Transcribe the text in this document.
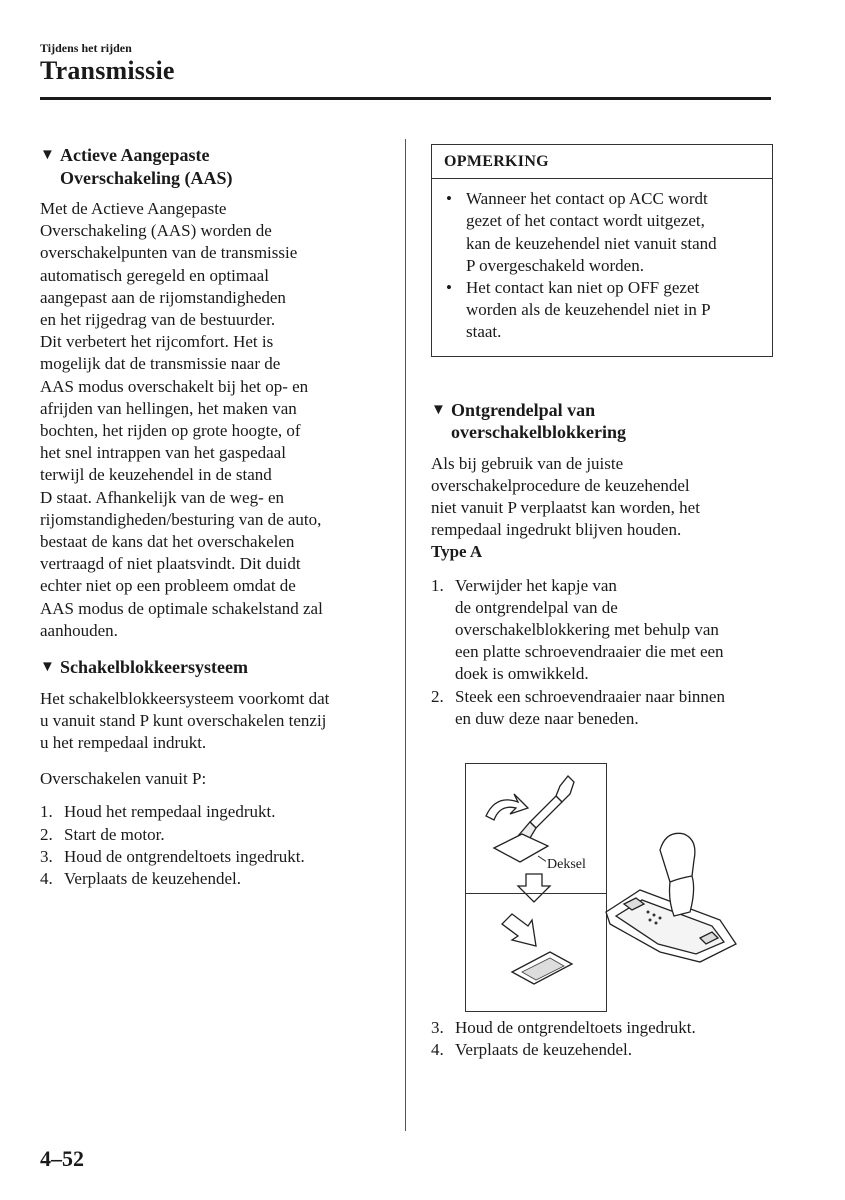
Tijdens het rijden
Transmissie
▼ Actieve Aangepaste
Overschakeling (AAS)
Met de Actieve Aangepaste
Overschakeling (AAS) worden de
overschakelpunten van de transmissie
automatisch geregeld en optimaal
aangepast aan de rijomstandigheden
en het rijgedrag van de bestuurder.
Dit verbetert het rijcomfort. Het is
mogelijk dat de transmissie naar de
AAS modus overschakelt bij het op- en
afrijden van hellingen, het maken van
bochten, het rijden op grote hoogte, of
het snel intrappen van het gaspedaal
terwijl de keuzehendel in de stand
D staat. Afhankelijk van de weg- en
rijomstandigheden/besturing van de auto,
bestaat de kans dat het overschakelen
vertraagd of niet plaatsvindt. Dit duidt
echter niet op een probleem omdat de
AAS modus de optimale schakelstand zal
aanhouden.
▼ Schakelblokkeersysteem
Het schakelblokkeersysteem voorkomt dat
u vanuit stand P kunt overschakelen tenzij
u het rempedaal indrukt.

Overschakelen vanuit P:

1. Houd het rempedaal ingedrukt.
2. Start de motor.
3. Houd de ontgrendeltoets ingedrukt.
4. Verplaats de keuzehendel.
OPMERKING
• Wanneer het contact op ACC wordt
gezet of het contact wordt uitgezet,
kan de keuzehendel niet vanuit stand
P overgeschakeld worden.
• Het contact kan niet op OFF gezet
worden als de keuzehendel niet in P
staat.
▼ Ontgrendelpal van
overschakelblokkering
Als bij gebruik van de juiste
overschakelprocedure de keuzehendel
niet vanuit P verplaatst kan worden, het
rempedaal ingedrukt blijven houden.

Type A

1. Verwijder het kapje van
de ontgrendelpal van de
overschakelblokkering met behulp van
een platte schroevendraaier die met een
doek is omwikkeld.
2. Steek een schroevendraaier naar binnen
en duw deze naar beneden.
Deksel
3. Houd de ontgrendeltoets ingedrukt.
4. Verplaats de keuzehendel.
4–52
